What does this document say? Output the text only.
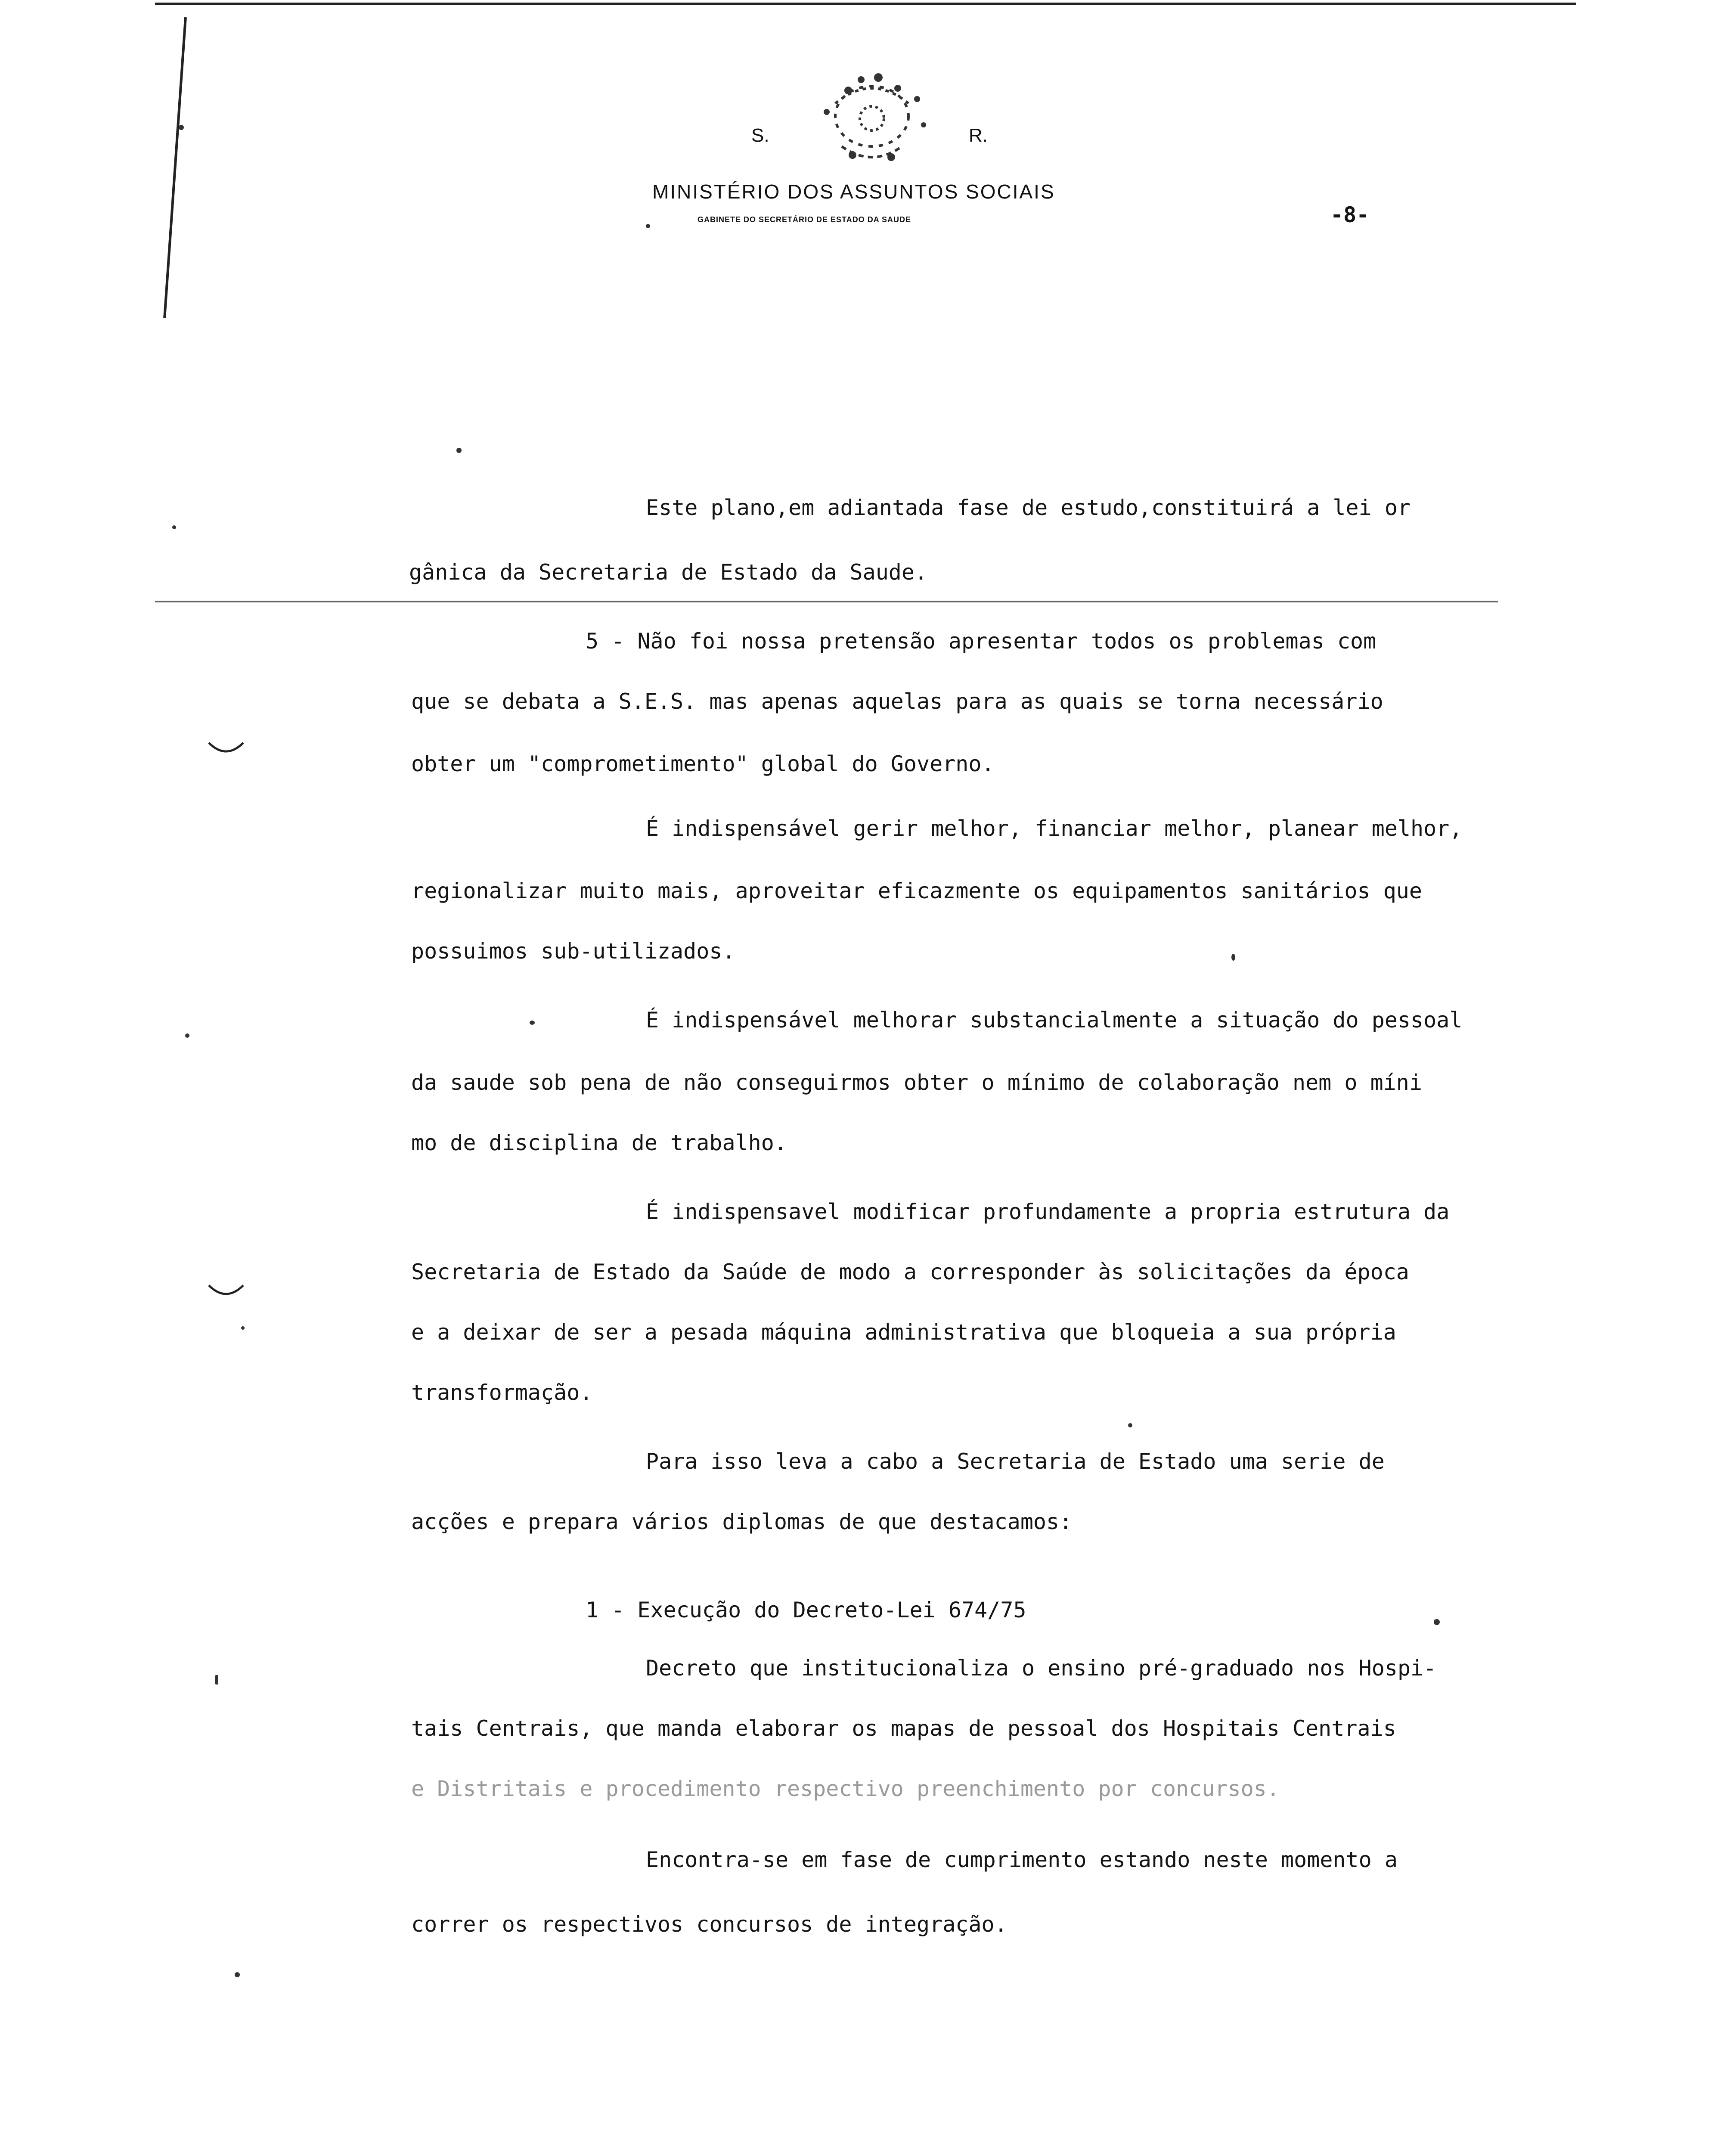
S.	R.
MINISTÉRIO DOS ASSUNTOS SOCIAIS
GABINETE DO SECRETÁRIO DE ESTADO DA SAUDE	-8-
Este plano,em adiantada fase de estudo,constituirá a lei or
gânica da Secretaria de Estado da Saude.
5 - Não foi nossa pretensão apresentar todos os problemas com
que se debata a S.E.S. mas apenas aquelas para as quais se torna necessário
obter um "comprometimento" global do Governo.
É indispensável gerir melhor, financiar melhor, planear melhor,
regionalizar muito mais, aproveitar eficazmente os equipamentos sanitários que
possuimos sub-utilizados.
É indispensável melhorar substancialmente a situação do pessoal
da saude sob pena de não conseguirmos obter o mínimo de colaboração nem o míni
mo de disciplina de trabalho.
É indispensavel modificar profundamente a propria estrutura da
Secretaria de Estado da Saúde de modo a corresponder às solicitações da época
e a deixar de ser a pesada máquina administrativa que bloqueia a sua própria
transformação.
Para isso leva a cabo a Secretaria de Estado uma serie de
acções e prepara vários diplomas de que destacamos:
1 - Execução do Decreto-Lei 674/75
Decreto que institucionaliza o ensino pré-graduado nos Hospi-
tais Centrais, que manda elaborar os mapas de pessoal dos Hospitais Centrais
e Distritais e procedimento respectivo preenchimento por concursos.
Encontra-se em fase de cumprimento estando neste momento a
correr os respectivos concursos de integração.
